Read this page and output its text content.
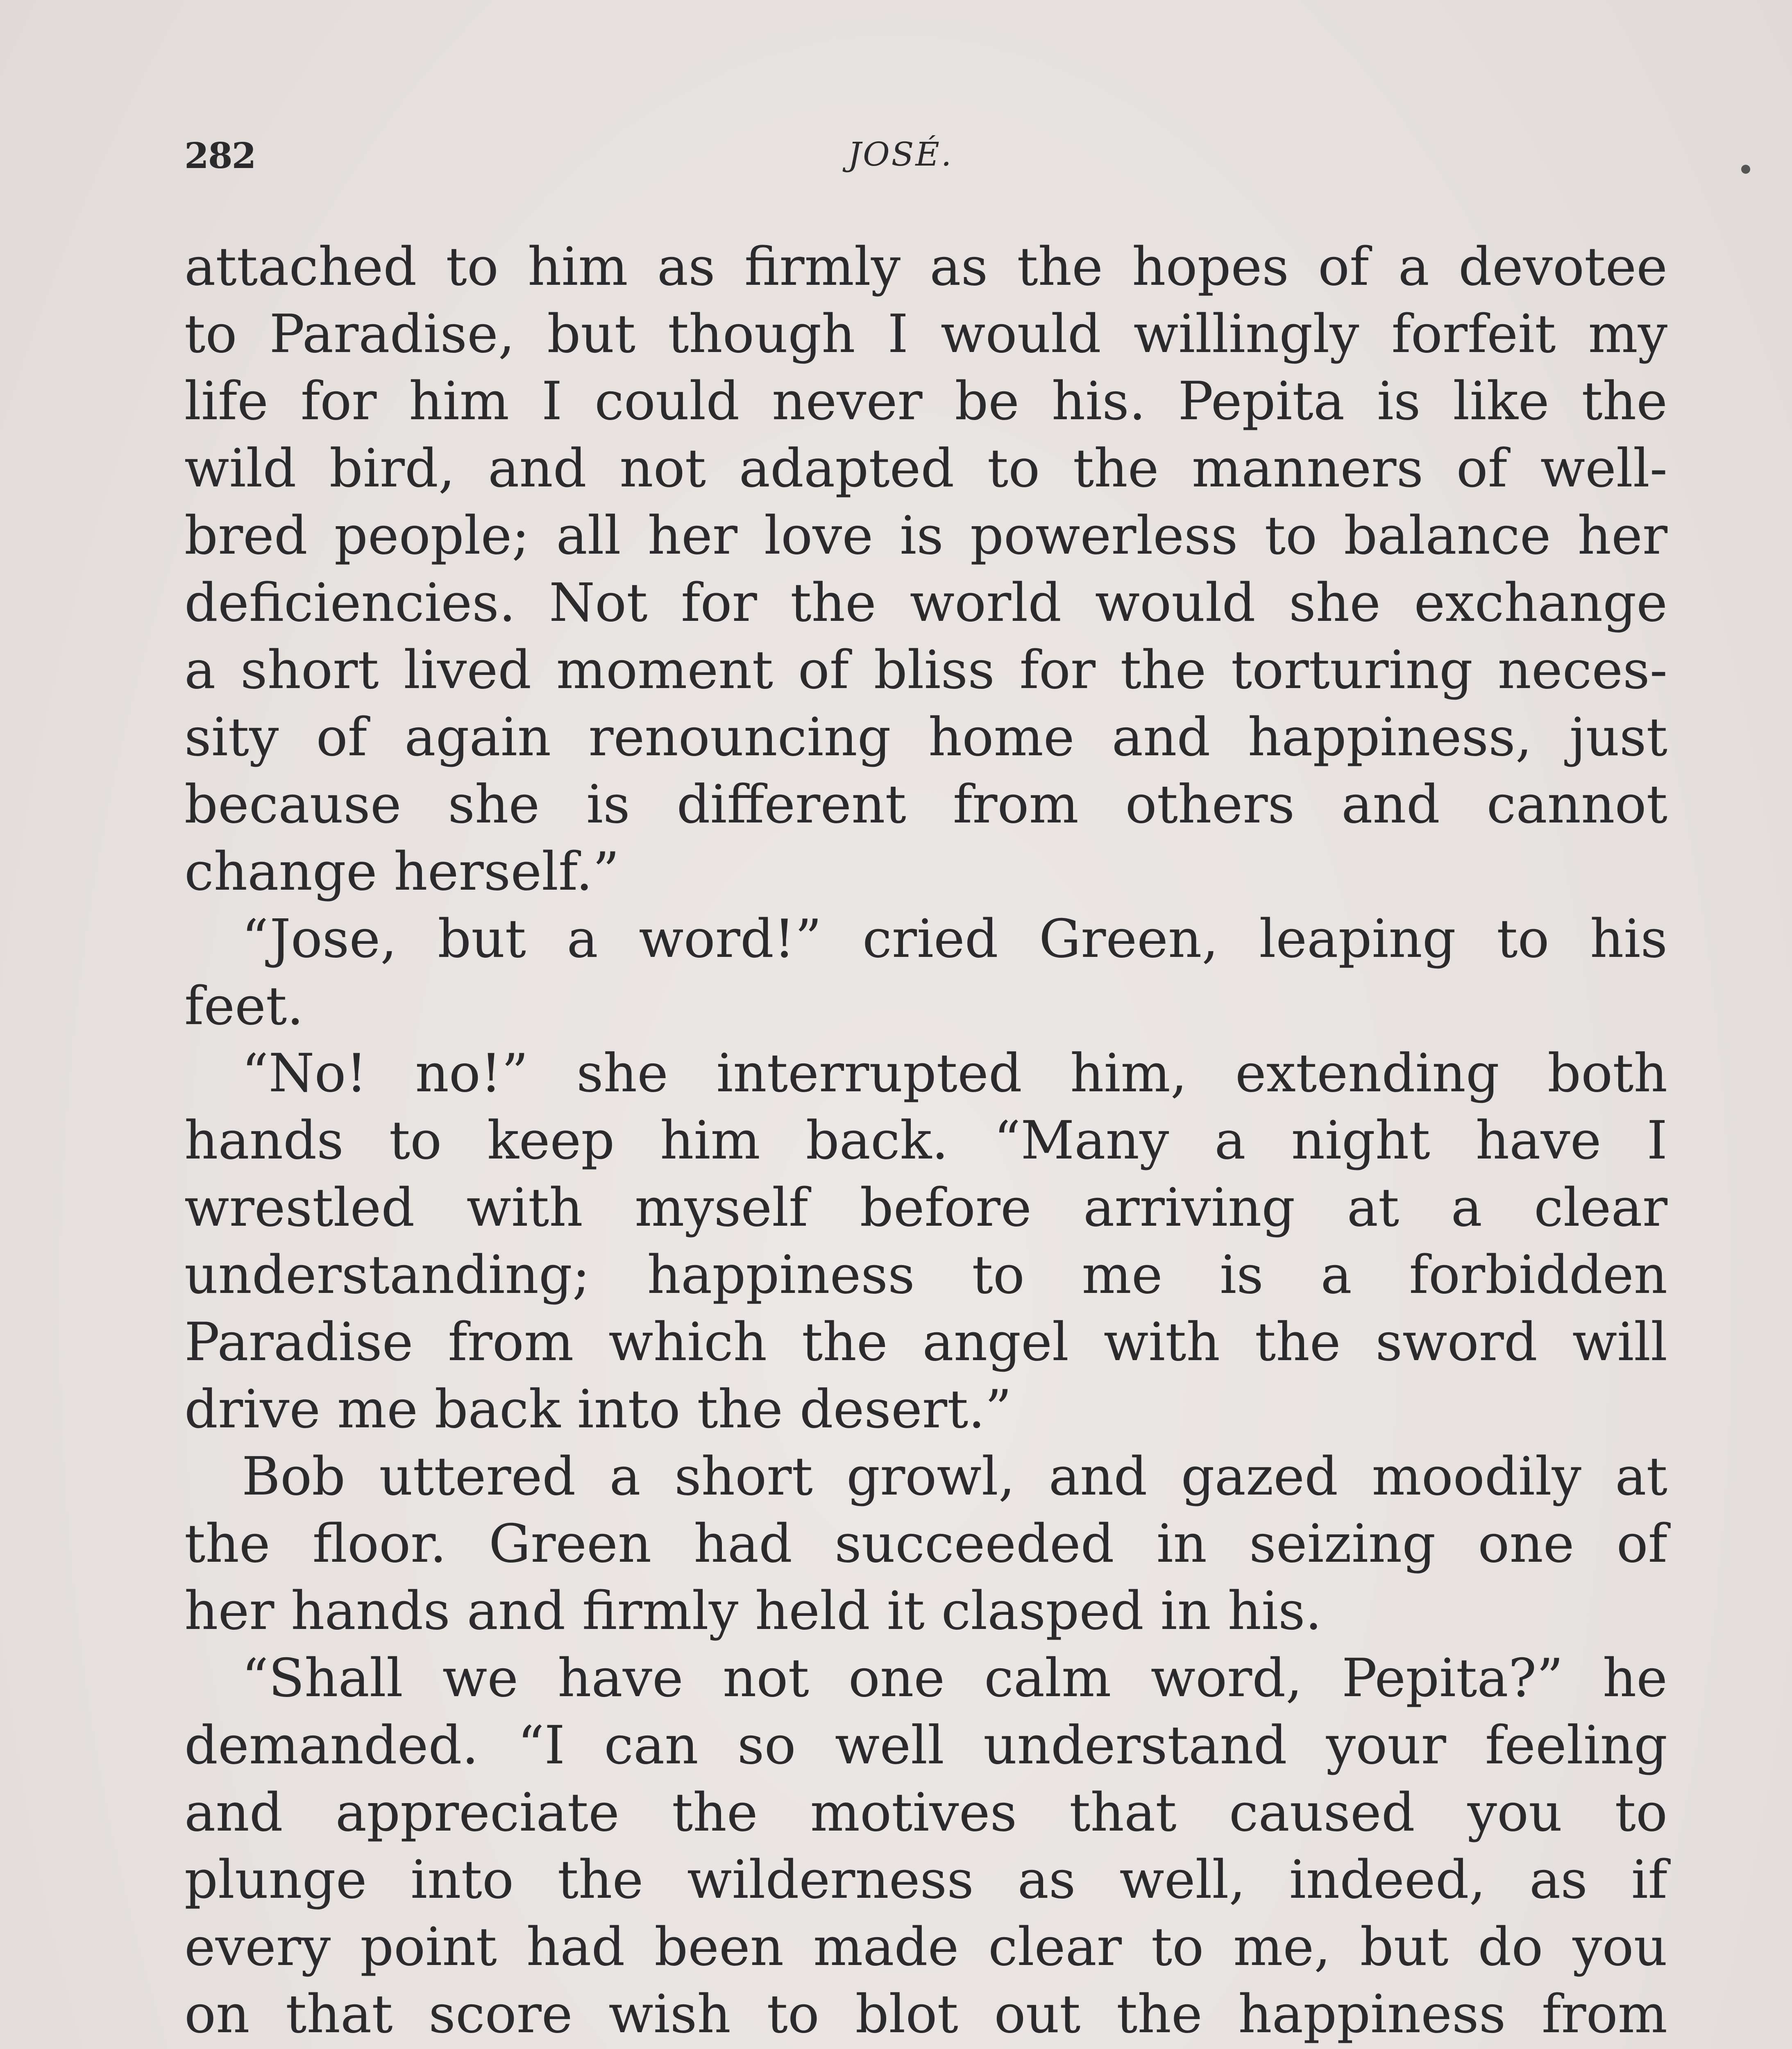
282	JOSÉ.
attached to him as firmly as the hopes of a devotee
to Paradise, but though I would willingly forfeit my
life for him I could never be his. Pepita is like the
wild bird, and not adapted to the manners of well-
bred people; all her love is powerless to balance her
deficiencies. Not for the world would she exchange
a short lived moment of bliss for the torturing neces-
sity of again renouncing home and happiness, just
because she is different from others and cannot
change herself.”
“Jose, but a word!” cried Green, leaping to his
feet.
“No! no!” she interrupted him, extending both
hands to keep him back. “Many a night have I
wrestled with myself before arriving at a clear
understanding; happiness to me is a forbidden
Paradise from which the angel with the sword will
drive me back into the desert.”
Bob uttered a short growl, and gazed moodily at
the floor. Green had succeeded in seizing one of
her hands and firmly held it clasped in his.
“Shall we have not one calm word, Pepita?” he
demanded. “I can so well understand your feeling
and appreciate the motives that caused you to
plunge into the wilderness as well, indeed, as if
every point had been made clear to me, but do you
on that score wish to blot out the happiness from
